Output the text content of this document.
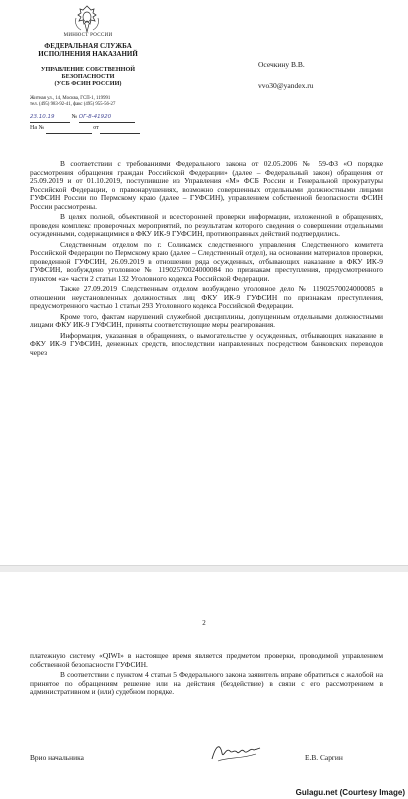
МИНЮСТ РОССИИ
ФЕДЕРАЛЬНАЯ СЛУЖБА
ИСПОЛНЕНИЯ НАКАЗАНИЙ
УПРАВЛЕНИЕ СОБСТВЕННОЙ
БЕЗОПАСНОСТИ
(УСБ ФСИН РОССИИ)
Житная ул., 14, Москва, ГСП-1, 119991
тел. (495) 983-92-41, факс (495) 955-56-27
23.10.19	№ ОГ-8-41920
На №	от
Осечкину В.В.
vvo30@yandex.ru

В соответствии с требованиями Федерального закона от 02.05.2006 № 59-ФЗ «О порядке рассмотрения обращения граждан Российской Федерации» (далее – Федеральный закон) обращения от 25.09.2019 и от 01.10.2019, поступившие из Управления «М» ФСБ России и Генеральной прокуратуры Российской Федерации, о правонарушениях, возможно совершенных отдельными должностными лицами ГУФСИН России по Пермскому краю (далее – ГУФСИН), управлением собственной безопасности ФСИН России рассмотрены.

В целях полной, объективной и всесторонней проверки информации, изложенной в обращениях, проведен комплекс проверочных мероприятий, по результатам которого сведения о совершении отдельными осужденными, содержащимися в ФКУ ИК-9 ГУФСИН, противоправных действий подтвердились.

Следственным отделом по г. Соликамск следственного управления Следственного комитета Российской Федерации по Пермскому краю (далее – Следственный отдел), на основании материалов проверки, проведенной ГУФСИН, 26.09.2019 в отношении ряда осужденных, отбывающих наказание в ФКУ ИК-9 ГУФСИН, возбуждено уголовное № 11902570024000084 по признакам преступления, предусмотренного пунктом «а» части 2 статьи 132 Уголовного кодекса Российской Федерации.

Также 27.09.2019 Следственным отделом возбуждено уголовное дело № 11902570024000085 в отношении неустановленных должностных лиц ФКУ ИК-9 ГУФСИН по признакам преступления, предусмотренного частью 1 статьи 293 Уголовного кодекса Российской Федерации.

Кроме того, фактам нарушений служебной дисциплины, допущенным отдельными должностными лицами ФКУ ИК-9 ГУФСИН, приняты соответствующие меры реагирования.

Информация, указанная в обращениях, о вымогательстве у осужденных, отбывающих наказание в ФКУ ИК-9 ГУФСИН, денежных средств, впоследствии направленных посредством банковских переводов через

2

платежную систему «QIWI» в настоящее время является предметом проверки, проводимой управлением собственной безопасности ГУФСИН.

В соответствии с пунктом 4 статьи 5 Федерального закона заявитель вправе обратиться с жалобой на принятое по обращениям решение или на действия (бездействие) в связи с его рассмотрением в административном и (или) судебном порядке.

Врио начальника	Е.В. Саргин
Gulagu.net (Courtesy Image)
